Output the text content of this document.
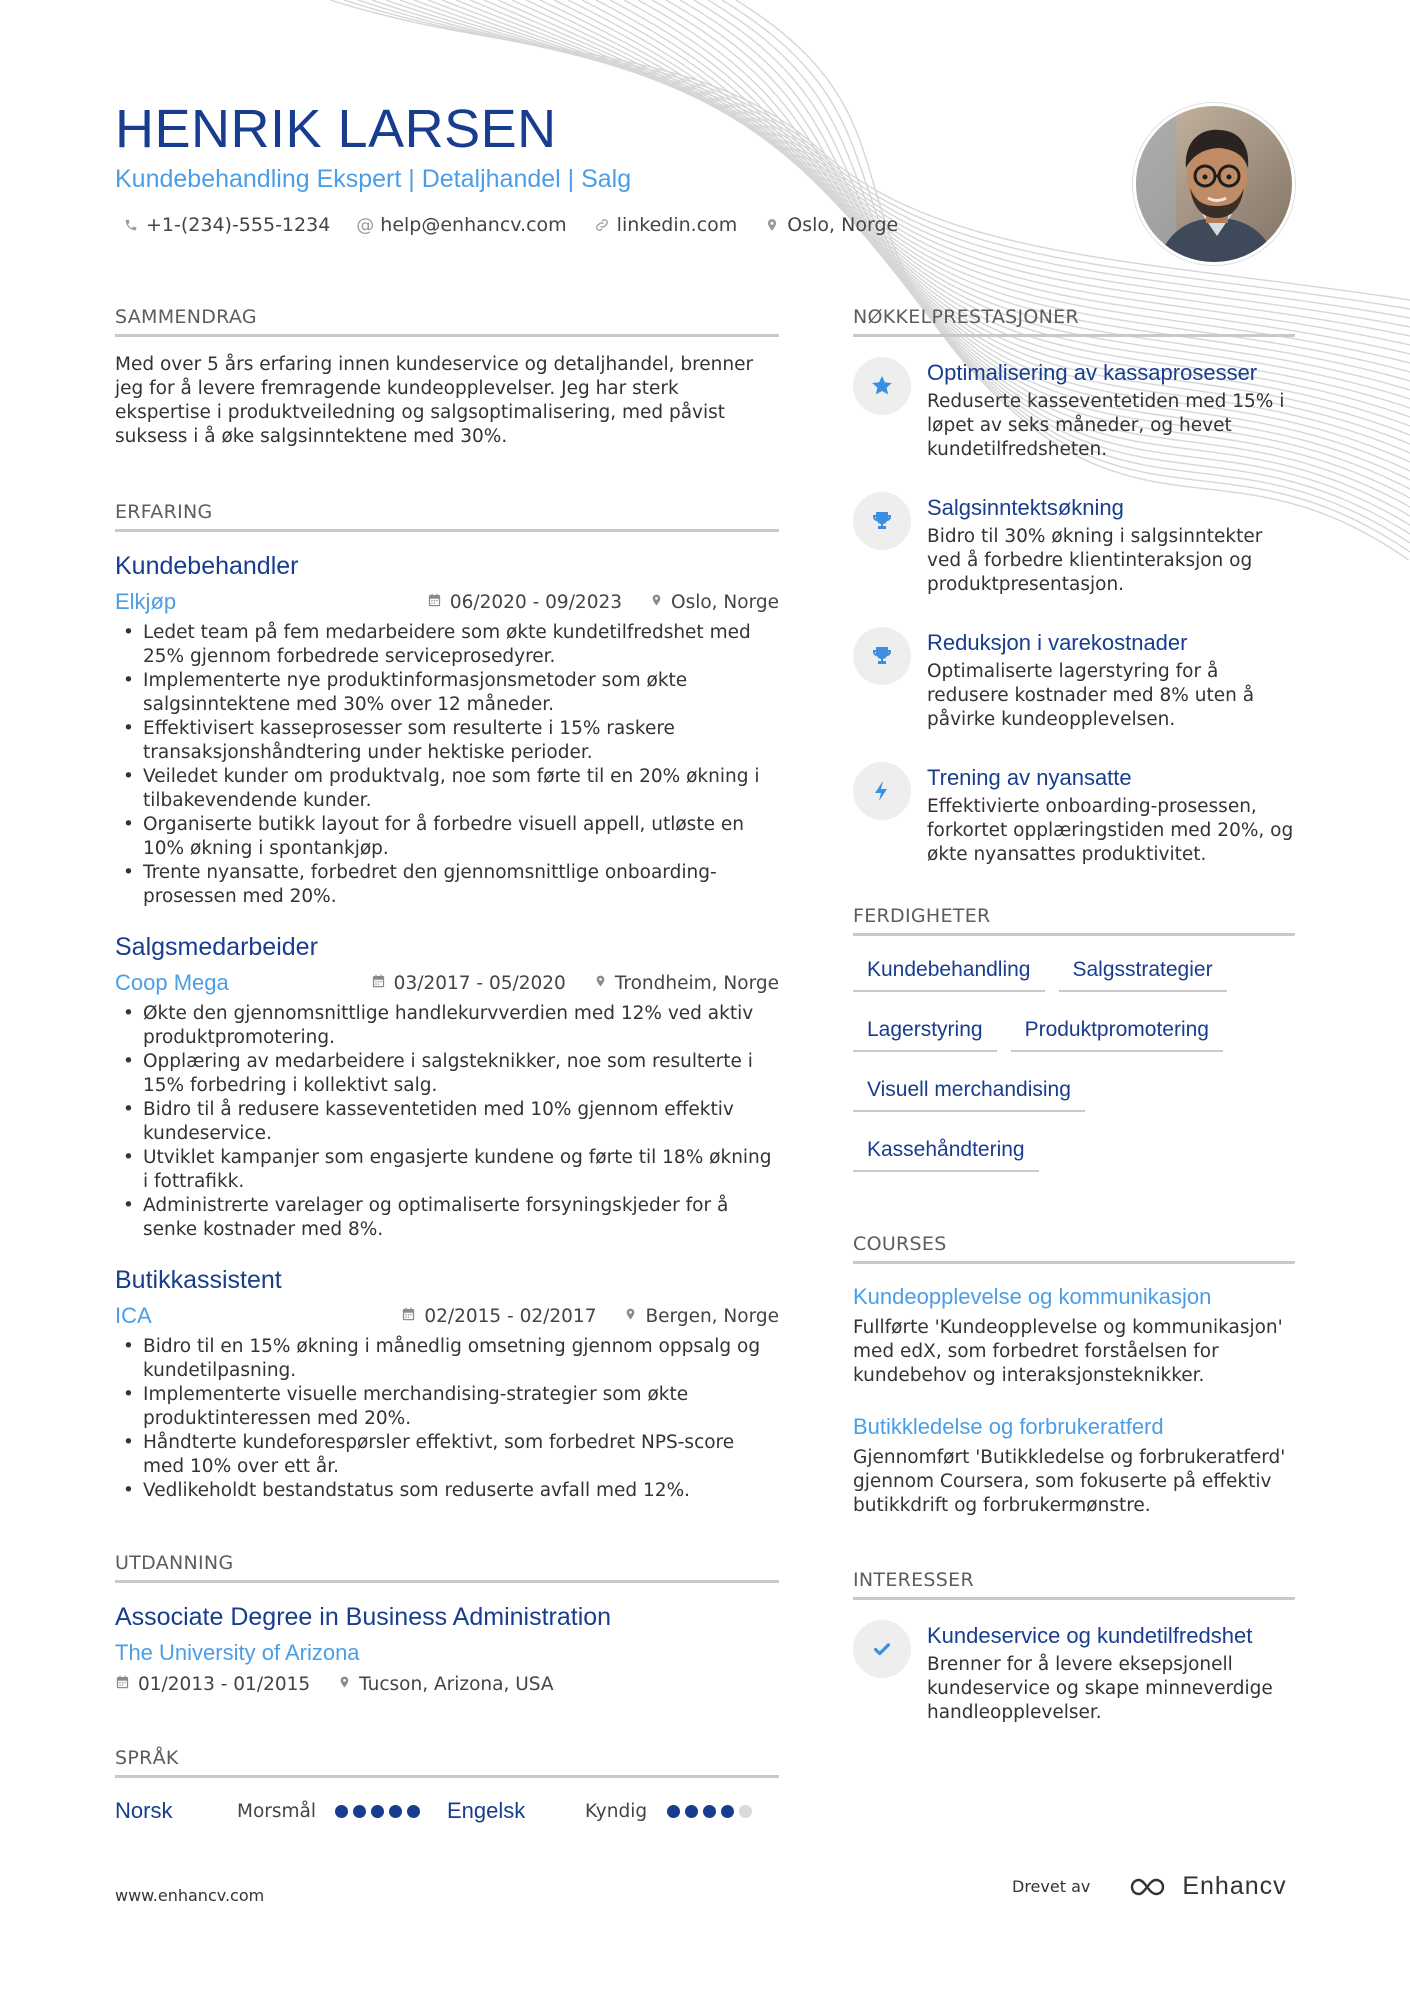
HENRIK LARSEN
Kundebehandling Ekspert | Detaljhandel | Salg
+1-(234)-555-1234 @ help@enhancv.com	linkedin.com	Oslo, Norge
SAMMENDRAG
Med over 5 års erfaring innen kundeservice og detaljhandel, brenner jeg for å levere fremragende kundeopplevelser. Jeg har sterk ekspertise i produktveiledning og salgsoptimalisering, med påvist suksess i å øke salgsinntektene med 30%.
ERFARING
Kundebehandler
Elkjøp	06/2020 - 09/2023	Oslo, Norge
• Ledet team på fem medarbeidere som økte kundetilfredshet med 25% gjennom forbedrede serviceprosedyrer.
• Implementerte nye produktinformasjonsmetoder som økte salgsinntektene med 30% over 12 måneder.
• Effektivisert kasseprosesser som resulterte i 15% raskere transaksjonshåndtering under hektiske perioder.
• Veiledet kunder om produktvalg, noe som førte til en 20% økning i tilbakevendende kunder.
• Organiserte butikk layout for å forbedre visuell appell, utløste en 10% økning i spontankjøp.
• Trente nyansatte, forbedret den gjennomsnittlige onboarding-prosessen med 20%.
Salgsmedarbeider
Coop Mega	03/2017 - 05/2020	Trondheim, Norge
• Økte den gjennomsnittlige handlekurvverdien med 12% ved aktiv produktpromotering.
• Opplæring av medarbeidere i salgsteknikker, noe som resulterte i 15% forbedring i kollektivt salg.
• Bidro til å redusere kasseventetiden med 10% gjennom effektiv kundeservice.
• Utviklet kampanjer som engasjerte kundene og førte til 18% økning i fottrafikk.
• Administrerte varelager og optimaliserte forsyningskjeder for å senke kostnader med 8%.
Butikkassistent
ICA	02/2015 - 02/2017	Bergen, Norge
• Bidro til en 15% økning i månedlig omsetning gjennom oppsalg og kundetilpasning.
• Implementerte visuelle merchandising-strategier som økte produktinteressen med 20%.
• Håndterte kundeforespørsler effektivt, som forbedret NPS-score med 10% over ett år.
• Vedlikeholdt bestandstatus som reduserte avfall med 12%.
UTDANNING
Associate Degree in Business Administration
The University of Arizona
01/2013 - 01/2015	Tucson, Arizona, USA
SPRÅK
Norsk	Morsmål	Engelsk	Kyndig
NØKKELPRESTASJONER
Optimalisering av kassaprosesser
Reduserte kasseventetiden med 15% i løpet av seks måneder, og hevet kundetilfredsheten.
Salgsinntektsøkning
Bidro til 30% økning i salgsinntekter ved å forbedre klientinteraksjon og produktpresentasjon.
Reduksjon i varekostnader
Optimaliserte lagerstyring for å redusere kostnader med 8% uten å påvirke kundeopplevelsen.
Trening av nyansatte
Effektivierte onboarding-prosessen, forkortet opplæringstiden med 20%, og økte nyansattes produktivitet.
FERDIGHETER
Kundebehandling	Salgsstrategier
Lagerstyring	Produktpromotering
Visuell merchandising
Kassehåndtering
COURSES
Kundeopplevelse og kommunikasjon
Fullførte 'Kundeopplevelse og kommunikasjon' med edX, som forbedret forståelsen for kundebehov og interaksjonsteknikker.
Butikkledelse og forbrukeratferd
Gjennomført 'Butikkledelse og forbrukeratferd' gjennom Coursera, som fokuserte på effektiv butikkdrift og forbrukermønstre.
INTERESSER
Kundeservice og kundetilfredshet
Brenner for å levere eksepsjonell kundeservice og skape minneverdige handleopplevelser.
www.enhancv.com	Drevet av	Enhancv
